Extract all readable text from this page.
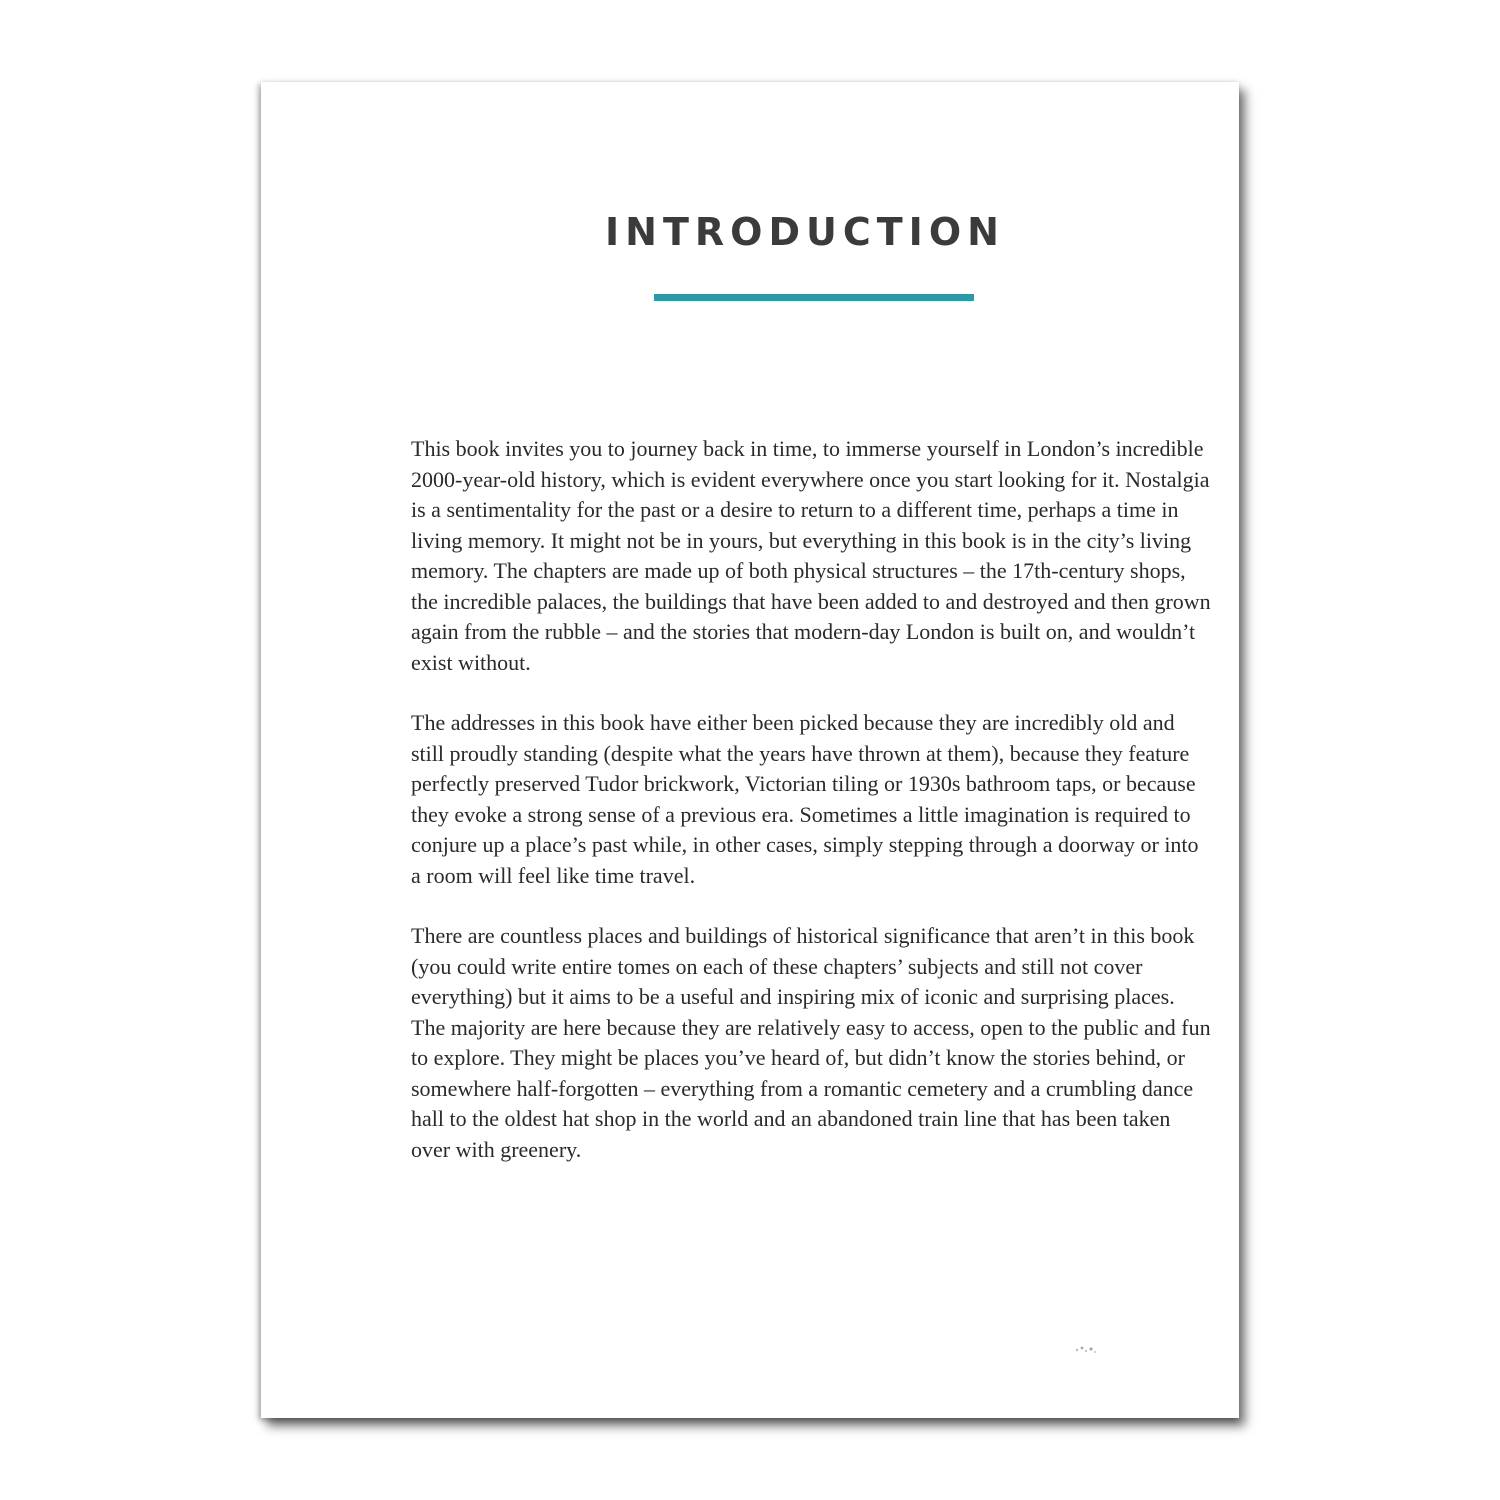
INTRODUCTION

This book invites you to journey back in time, to immerse yourself in London’s incredible 2000-year-old history, which is evident everywhere once you start looking for it. Nostalgia is a sentimentality for the past or a desire to return to a different time, perhaps a time in living memory. It might not be in yours, but everything in this book is in the city’s living memory. The chapters are made up of both physical structures – the 17th-century shops, the incredible palaces, the buildings that have been added to and destroyed and then grown again from the rubble – and the stories that modern-day London is built on, and wouldn’t exist without.

The addresses in this book have either been picked because they are incredibly old and still proudly standing (despite what the years have thrown at them), because they feature perfectly preserved Tudor brickwork, Victorian tiling or 1930s bathroom taps, or because they evoke a strong sense of a previous era. Sometimes a little imagination is required to conjure up a place’s past while, in other cases, simply stepping through a doorway or into a room will feel like time travel.

There are countless places and buildings of historical significance that aren’t in this book (you could write entire tomes on each of these chapters’ subjects and still not cover everything) but it aims to be a useful and inspiring mix of iconic and surprising places. The majority are here because they are relatively easy to access, open to the public and fun to explore. They might be places you’ve heard of, but didn’t know the stories behind, or somewhere half-forgotten – everything from a romantic cemetery and a crumbling dance hall to the oldest hat shop in the world and an abandoned train line that has been taken over with greenery.
